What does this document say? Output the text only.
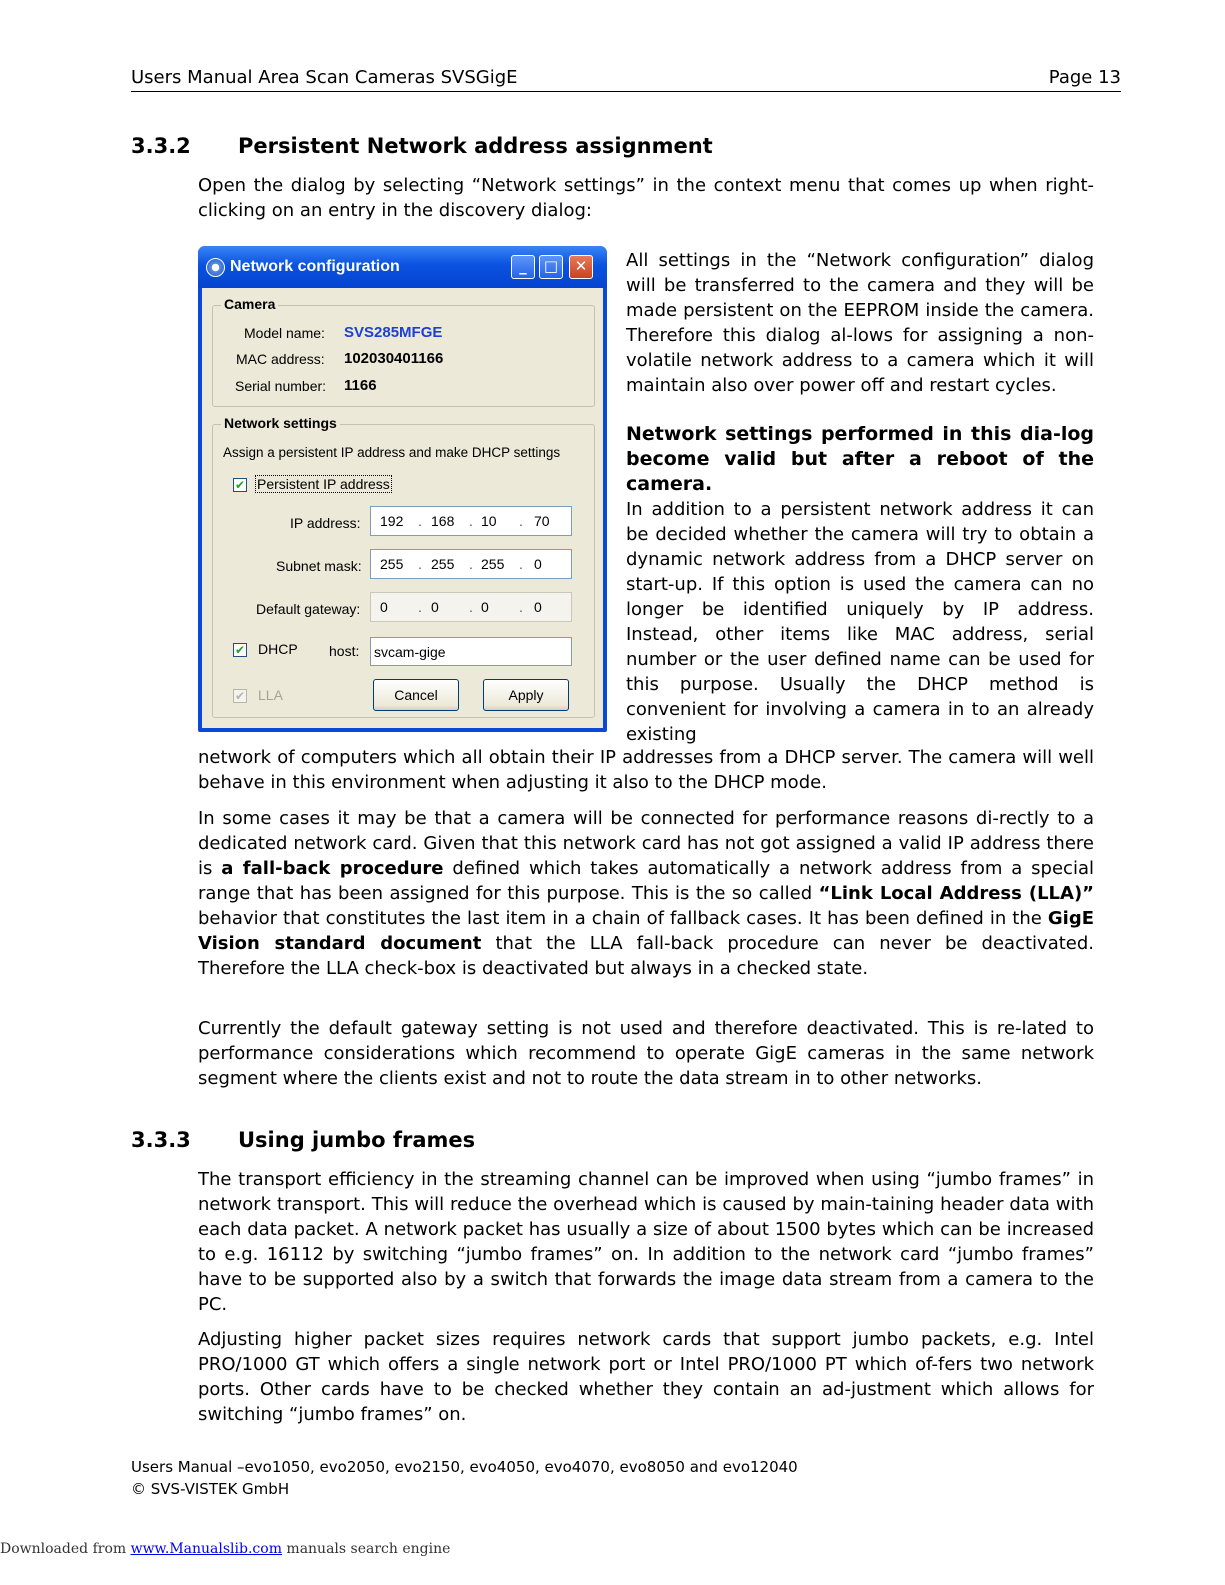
Users Manual Area Scan Cameras SVSGigE	Page 13
3.3.2 Persistent Network address assignment
Open the dialog by selecting “Network settings” in the context menu that comes up when right-clicking on an entry in the discovery dialog:
Network configuration	_	□	✕
Camera
Model name: SVS285MFGE
MAC address: 102030401166
Serial number: 1166
Network settings
Assign a persistent IP address and make DHCP settings
✔ Persistent IP address
IP address: 192 . 168 . 10 . 70
Subnet mask: 255 . 255 . 255 . 0
Default gateway: 0 . 0 . 0 . 0
✔ DHCP host: svcam-gige
✔ LLA	Cancel	Apply
All settings in the “Network configuration” dialog will be transferred to the camera and they will be made persistent on the EEPROM inside the camera. Therefore this dialog al-lows for assigning a non-volatile network address to a camera which it will maintain also over power off and restart cycles.
Network settings performed in this dia-log become valid but after a reboot of the camera.
In addition to a persistent network address it can be decided whether the camera will try to obtain a dynamic network address from a DHCP server on start-up. If this option is used the camera can no longer be identified uniquely by IP address. Instead, other items like MAC address, serial number or the user defined name can be used for this purpose. Usually the DHCP method is convenient for involving a camera in to an already existing
network of computers which all obtain their IP addresses from a DHCP server. The camera will well behave in this environment when adjusting it also to the DHCP mode.
In some cases it may be that a camera will be connected for performance reasons di-rectly to a dedicated network card. Given that this network card has not got assigned a valid IP address there is a fall-back procedure defined which takes automatically a network address from a special range that has been assigned for this purpose. This is the so called “Link Local Address (LLA)” behavior that constitutes the last item in a chain of fallback cases. It has been defined in the GigE Vision standard document that the LLA fall-back procedure can never be deactivated. Therefore the LLA check-box is deactivated but always in a checked state.
Currently the default gateway setting is not used and therefore deactivated. This is re-lated to performance considerations which recommend to operate GigE cameras in the same network segment where the clients exist and not to route the data stream in to other networks.
3.3.3 Using jumbo frames
The transport efficiency in the streaming channel can be improved when using “jumbo frames” in network transport. This will reduce the overhead which is caused by main-taining header data with each data packet. A network packet has usually a size of about 1500 bytes which can be increased to e.g. 16112 by switching “jumbo frames” on. In addition to the network card “jumbo frames” have to be supported also by a switch that forwards the image data stream from a camera to the PC.
Adjusting higher packet sizes requires network cards that support jumbo packets, e.g. Intel PRO/1000 GT which offers a single network port or Intel PRO/1000 PT which of-fers two network ports. Other cards have to be checked whether they contain an ad-justment which allows for switching “jumbo frames” on.
Users Manual –evo1050, evo2050, evo2150, evo4050, evo4070, evo8050 and evo12040
© SVS-VISTEK GmbH
Downloaded from www.Manualslib.com manuals search engine
